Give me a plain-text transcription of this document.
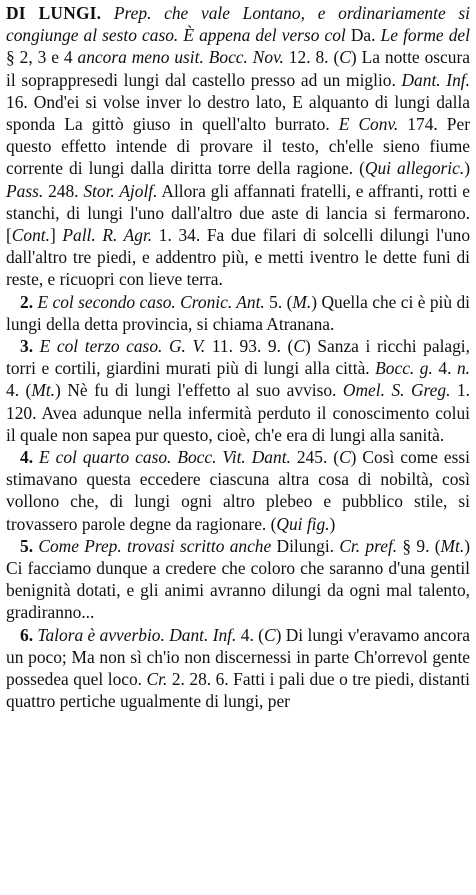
DI LUNGI. Prep. che vale Lontano, e ordinariamente si congiunge al sesto caso. È appena del verso col Da. Le forme del § 2, 3 e 4 ancora meno usit. Bocc. Nov. 12. 8. (C) La notte oscura il soprappresedi lungi dal castello presso ad un miglio. Dant. Inf. 16. Ond'ei si volse inver lo destro lato, E alquanto di lungi dalla sponda La gittò giuso in quell'alto burrato. E Conv. 174. Per questo effetto intende di provare il testo, ch'elle sieno fiume corrente di lungi dalla diritta torre della ragione. (Qui allegoric.) Pass. 248. Stor. Ajolf. Allora gli affannati fratelli, e affranti, rotti e stanchi, di lungi l'uno dall'altro due aste di lancia si fermarono. [Cont.] Pall. R. Agr. 1. 34. Fa due filari di solcelli dilungi l'uno dall'altro tre piedi, e addentro più, e metti iventro le dette funi di reste, e ricuopri con lieve terra.

2. E col secondo caso. Cronic. Ant. 5. (M.) Quella che ci è più di lungi della detta provincia, si chiama Atranana.

3. E col terzo caso. G. V. 11. 93. 9. (C) Sanza i ricchi palagi, torri e cortili, giardini murati più di lungi alla città. Bocc. g. 4. n. 4. (Mt.) Nè fu di lungi l'effetto al suo avviso. Omel. S. Greg. 1. 120. Avea adunque nella infermità perduto il conoscimento colui il quale non sapea pur questo, cioè, ch'e era di lungi alla sanità.

4. E col quarto caso. Bocc. Vit. Dant. 245. (C) Così come essi stimavano questa eccedere ciascuna altra cosa di nobiltà, così vollono che, di lungi ogni altro plebeo e pubblico stile, si trovassero parole degne da ragionare. (Qui fig.)

5. Come Prep. trovasi scritto anche Dilungi. Cr. pref. § 9. (Mt.) Ci facciamo dunque a credere che coloro che saranno d'una gentil benignità dotati, e gli animi avranno dilungi da ogni mal talento, gradiranno...

6. Talora è avverbio. Dant. Inf. 4. (C) Di lungi v'eravamo ancora un poco; Ma non sì ch'io non discernessi in parte Ch'orrevol gente possedea quel loco. Cr. 2. 28. 6. Fatti i pali due o tre piedi, distanti quattro pertiche ugualmente di lungi, per
